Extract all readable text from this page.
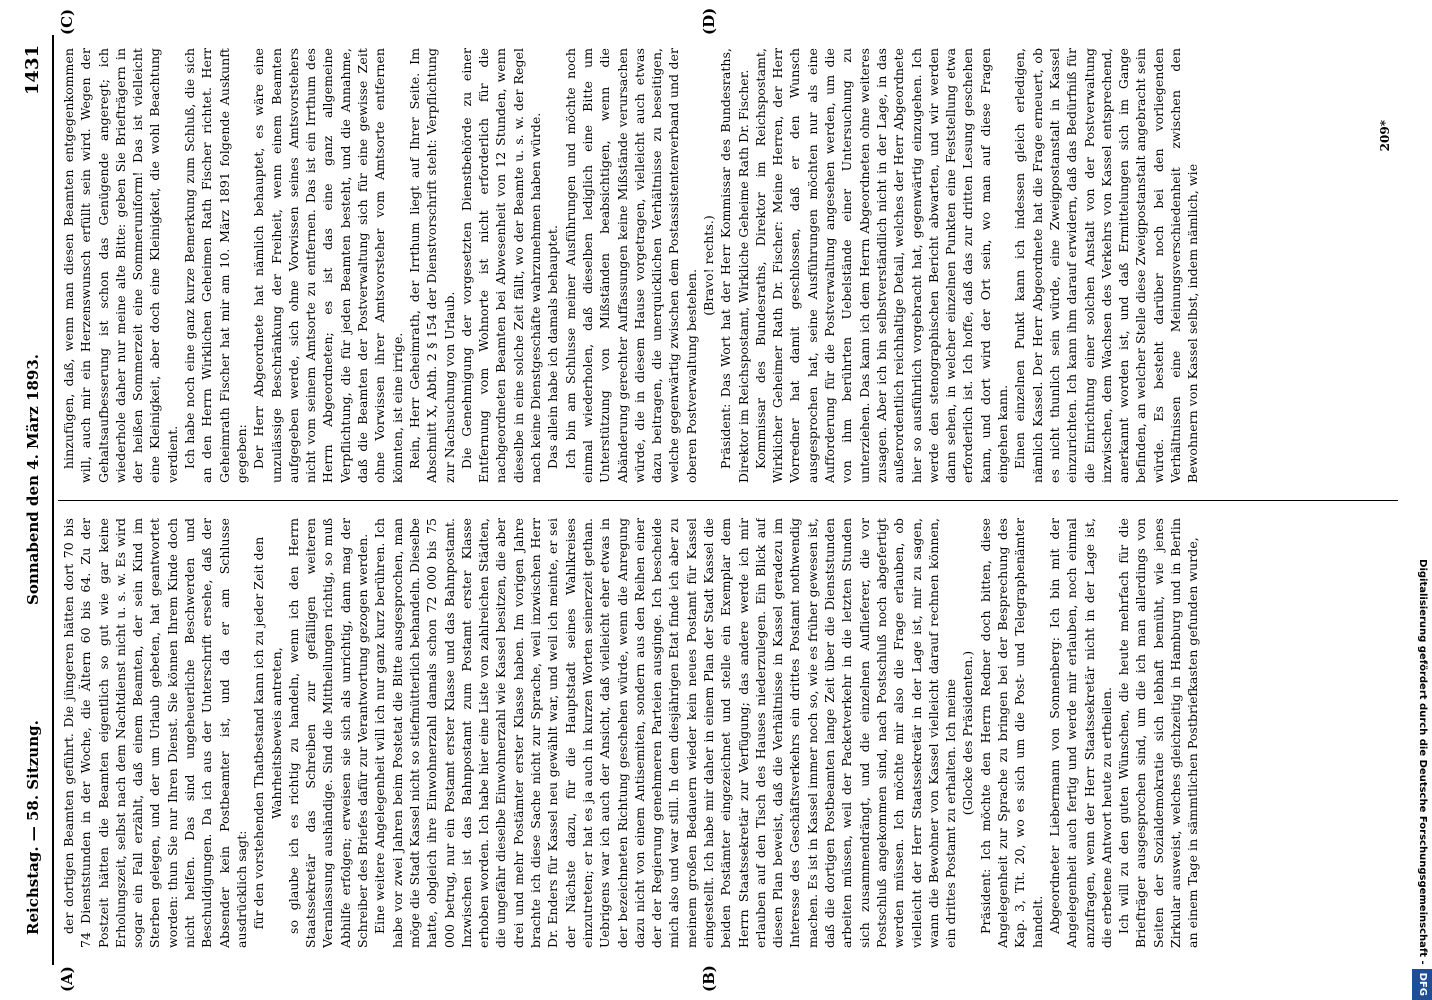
Reichstag. — 58. Sitzung.
Sonnabend den 4. März 1893.
1431
(A)	(B)
(C)	(D)

der dortigen Beamten geführt. Die jüngeren hätten dort 70 bis 74 Dienststunden in der Woche, die Ältern 60 bis 64. Zu der Postzeit hätten die Beamten eigentlich so gut wie gar keine Erholungszeit, selbst nach dem Nachtdienst nicht u. s. w. Es wird sogar ein Fall erzählt, daß einem Beamten, der sein Kind im Sterben gelegen, und der um Urlaub gebeten, hat geantwortet worden: thun Sie nur Ihren Dienst. Sie können Ihrem Kinde doch nicht helfen. Das sind ungeheuerliche Beschwerden und Beschuldigungen. Da ich aus der Unterschrift ersehe, daß der Absender kein Postbeamter ist, und da er am Schlusse ausdrücklich sagt: für den vorstehenden Thatbestand kann ich zu jeder Zeit den Wahrheitsbeweis antreten, so glaube ich es richtig zu handeln, wenn ich den Herrn Staatssekretär das Schreiben zur gefälligen weiteren Veranlassung aushändige. Sind die Mittheilungen richtig, so muß Abhilfe erfolgen; erweisen sie sich als unrichtig, dann mag der Schreiber des Briefes dafür zur Verantwortung gezogen werden. Eine weitere Angelegenheit will ich nur ganz kurz berühren. Ich habe vor zwei Jahren beim Postetat die Bitte ausgesprochen, man möge die Stadt Kassel nicht so stiefmütterlich behandeln. Dieselbe hatte, obgleich ihre Einwohnerzahl damals schon 72 000 bis 75 000 betrug, nur ein Postamt erster Klasse und das Bahnpostamt. Inzwischen ist das Bahnpostamt zum Postamt erster Klasse erhoben worden. Ich habe hier eine Liste von zahlreichen Städten, die ungefähr dieselbe Einwohnerzahl wie Kassel besitzen, die aber drei und mehr Postämter erster Klasse haben. Im vorigen Jahre brachte ich diese Sache nicht zur Sprache, weil inzwischen Herr Dr. Enders für Kassel neu gewählt war, und weil ich meinte, er sei der Nächste dazu, für die Hauptstadt seines Wahlkreises einzutreten; er hat es ja auch in kurzen Worten seinerzeit gethan. Uebrigens war ich auch der Ansicht, daß vielleicht eher etwas in der bezeichneten Richtung geschehen würde, wenn die Anregung dazu nicht von einem Antisemiten, sondern aus den Reihen einer der der Regierung genehmeren Parteien ausginge. Ich bescheide mich also und war still. In dem diesjährigen Etat finde ich aber zu meinem großen Bedauern wieder kein neues Postamt für Kassel eingestellt. Ich habe mir daher in einem Plan der Stadt Kassel die beiden Postämter eingezeichnet und stelle ein Exemplar dem Herrn Staatssekretär zur Verfügung; das andere werde ich mir erlauben auf den Tisch des Hauses niederzulegen. Ein Blick auf diesen Plan beweist, daß die Verhältnisse in Kassel geradezu im Interesse des Geschäftsverkehrs ein drittes Postamt nothwendig machen. Es ist in Kassel immer noch so, wie es früher gewesen ist, daß die dortigen Postbeamten lange Zeit über die Dienststunden arbeiten müssen, weil der Packetverkehr in die letzten Stunden sich zusammendrängt, und die einzelnen Auflieferer, die vor Postschluß angekommen sind, nach Postschluß noch abgefertigt werden müssen. Ich möchte mir also die Frage erlauben, ob vielleicht der Herr Staatssekretär in der Lage ist, mir zu sagen, wann die Bewohner von Kassel vielleicht darauf rechnen können, ein drittes Postamt zu erhalten. Ich meine (Glocke des Präsidenten.) Präsident: Ich möchte den Herrn Redner doch bitten, diese Angelegenheit zur Sprache zu bringen bei der Besprechung des Kap. 3, Tit. 20, wo es sich um die Post- und Telegraphenämter handelt. Abgeordneter Liebermann von Sonnenberg: Ich bin mit der Angelegenheit auch fertig und werde mir erlauben, noch einmal anzufragen, wenn der Herr Staatssekretär nicht in der Lage ist, die erbetene Antwort heute zu ertheilen. Ich will zu den guten Wünschen, die heute mehrfach für die Briefträger ausgesprochen sind, um die ich man allerdings von Seiten der Sozialdemokratie sich lebhaft bemüht, wie jenes Zirkular ausweist, welches gleichzeitig in Hamburg und in Berlin an einem Tage in sämmtlichen Postbriefkasten gefunden wurde,

hinzufügen, daß, wenn man diesen Beamten entgegenkommen will, auch mir ein Herzenswunsch erfüllt sein wird. Wegen der Gehaltsaufbesserung ist schon das Genügende angeregt; ich wiederhole daher nur meine alte Bitte: geben Sie Briefträgern in der heißen Sommerzeit eine Sommeruniform! Das ist vielleicht eine Kleinigkeit, aber doch eine Kleinigkeit, die wohl Beachtung verdient. Ich habe noch eine ganz kurze Bemerkung zum Schluß, die sich an den Herrn Wirklichen Geheimen Rath Fischer richtet. Herr Geheimrath Fischer hat mir am 10. März 1891 folgende Auskunft gegeben: Der Herr Abgeordnete hat nämlich behauptet, es wäre eine unzulässige Beschränkung der Freiheit, wenn einem Beamten aufgegeben werde, sich ohne Vorwissen seines Amtsvorstehers nicht vom seinem Amtsorte zu entfernen. Das ist ein Irrthum des Herrn Abgeordneten; es ist das eine ganz allgemeine Verpflichtung, die für jeden Beamten besteht, und die Annahme, daß die Beamten der Postverwaltung sich für eine gewisse Zeit ohne Vorwissen ihrer Amtsvorsteher vom Amtsorte entfernen könnten, ist eine irrige. Rein, Herr Geheimrath, der Irrthum liegt auf Ihrer Seite. Im Abschnitt X, Abth. 2 § 154 der Dienstvorschrift steht: Verpflichtung zur Nachsuchung von Urlaub. Die Genehmigung der vorgesetzten Dienstbehörde zu einer Entfernung vom Wohnorte ist nicht erforderlich für die nachgeordneten Beamten bei Abwesenheit von 12 Stunden, wenn dieselbe in eine solche Zeit fällt, wo der Beamte u. s. w. der Regel nach keine Dienstgeschäfte wahrzunehmen haben würde. Das allein habe ich damals behauptet. Ich bin am Schlusse meiner Ausführungen und möchte noch einmal wiederholen, daß dieselben lediglich eine Bitte um Unterstützung von Mißständen beabsichtigen, wenn die Abänderung gerechter Auffassungen keine Mißstände verursachen würde, die in diesem Hause vorgetragen, vielleicht auch etwas dazu beitragen, die unerquicklichen Verhältnisse zu beseitigen, welche gegenwärtig zwischen dem Postassistentenverband und der oberen Postverwaltung bestehen.

(Bravo! rechts.) Präsident: Das Wort hat der Herr Kommissar des Bundesraths, Direktor im Reichspostamt, Wirkliche Geheime Rath Dr. Fischer. Kommissar des Bundesraths, Direktor im Reichspostamt, Wirklicher Geheimer Rath Dr. Fischer: Meine Herren, der Herr Vorredner hat damit geschlossen, daß er den Wunsch ausgesprochen hat, seine Ausführungen möchten nur als eine Aufforderung für die Postverwaltung angesehen werden, um die von ihm berührten Uebelstände einer Untersuchung zu unterziehen. Das kann ich dem Herrn Abgeordneten ohne weiteres zusagen. Aber ich bin selbstverständlich nicht in der Lage, in das außerordentlich reichhaltige Detail, welches der Herr Abgeordnete hier so ausführlich vorgebracht hat, gegenwärtig einzugehen. Ich werde den stenographischen Bericht abwarten, und wir werden dann sehen, in welcher einzelnen Punkten eine Feststellung etwa erforderlich ist. Ich hoffe, daß das zur dritten Lesung geschehen kann, und dort wird der Ort sein, wo man auf diese Fragen eingehen kann. Einen einzelnen Punkt kann ich indessen gleich erledigen, nämlich Kassel. Der Herr Abgeordnete hat die Frage erneuert, ob es nicht thunlich sein würde, eine Zweigpostanstalt in Kassel einzurichten. Ich kann ihm darauf erwidern, daß das Bedürfniß für die Einrichtung einer solchen Anstalt von der Postverwaltung inzwischen, dem Wachsen des Verkehrs von Kassel entsprechend, anerkannt worden ist, und daß Ermittelungen sich im Gange befinden, an welcher Stelle diese Zweigpostanstalt angebracht sein würde. Es besteht darüber noch bei den vorliegenden Verhältnissen eine Meinungsverschiedenheit zwischen den Bewohnern von Kassel selbst, indem nämlich, wie

209*
Digitalisierung gefördert durch die Deutsche Forschungsgemeinschaft -DFG
